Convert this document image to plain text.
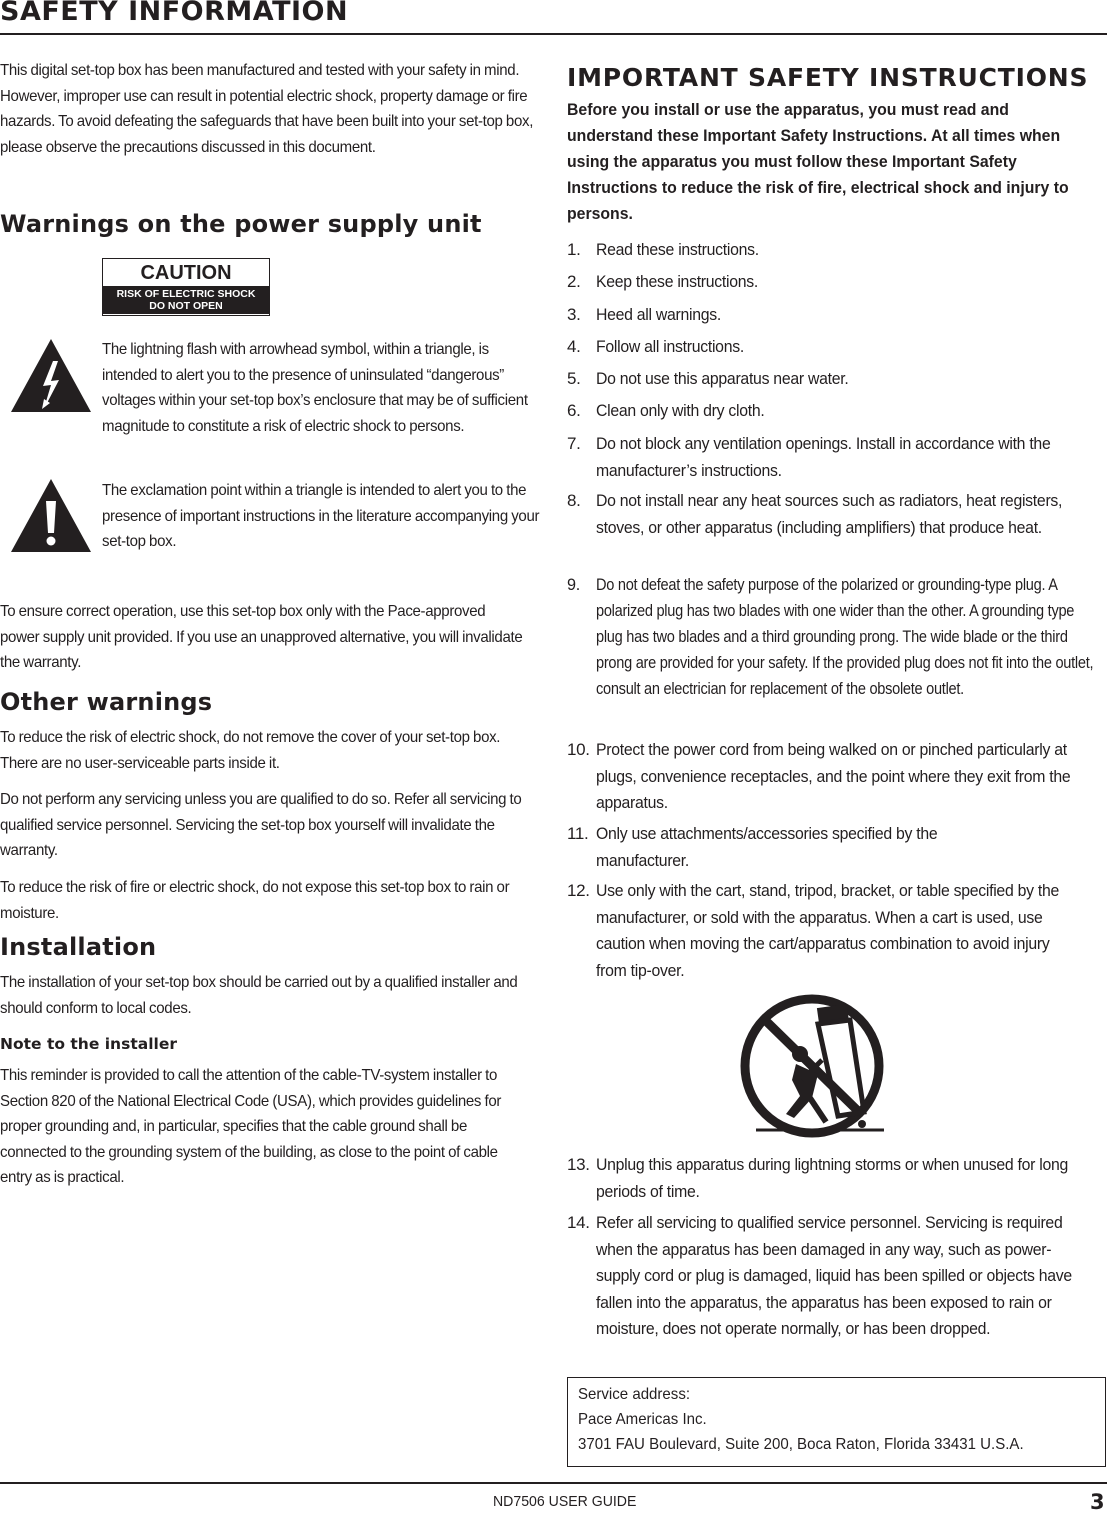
SAFETY INFORMATION

This digital set-top box has been manufactured and tested with your safety in mind. However, improper use can result in potential electric shock, property damage or fire hazards. To avoid defeating the safeguards that have been built into your set-top box, please observe the precautions discussed in this document.

Warnings on the power supply unit
CAUTION
RISK OF ELECTRIC SHOCK
DO NOT OPEN

The lightning flash with arrowhead symbol, within a triangle, is intended to alert you to the presence of uninsulated “dangerous” voltages within your set-top box’s enclosure that may be of sufficient magnitude to constitute a risk of electric shock to persons.

The exclamation point within a triangle is intended to alert you to the presence of important instructions in the literature accompanying your set-top box.

To ensure correct operation, use this set-top box only with the Pace-approved power supply unit provided. If you use an unapproved alternative, you will invalidate the warranty.

Other warnings

To reduce the risk of electric shock, do not remove the cover of your set-top box. There are no user-serviceable parts inside it.

Do not perform any servicing unless you are qualified to do so. Refer all servicing to qualified service personnel. Servicing the set-top box yourself will invalidate the warranty.

To reduce the risk of fire or electric shock, do not expose this set-top box to rain or moisture.

Installation

The installation of your set-top box should be carried out by a qualified installer and should conform to local codes.

Note to the installer

This reminder is provided to call the attention of the cable-TV-system installer to Section 820 of the National Electrical Code (USA), which provides guidelines for proper grounding and, in particular, specifies that the cable ground shall be connected to the grounding system of the building, as close to the point of cable entry as is practical.

IMPORTANT SAFETY INSTRUCTIONS

Before you install or use the apparatus, you must read and understand these Important Safety Instructions. At all times when using the apparatus you must follow these Important Safety Instructions to reduce the risk of fire, electrical shock and injury to persons.

1. Read these instructions.
2. Keep these instructions.
3. Heed all warnings.
4. Follow all instructions.
5. Do not use this apparatus near water.
6. Clean only with dry cloth.
7. Do not block any ventilation openings. Install in accordance with the manufacturer’s instructions.
8. Do not install near any heat sources such as radiators, heat registers, stoves, or other apparatus (including amplifiers) that produce heat.
9. Do not defeat the safety purpose of the polarized or grounding-type plug. A polarized plug has two blades with one wider than the other. A grounding type plug has two blades and a third grounding prong. The wide blade or the third prong are provided for your safety. If the provided plug does not fit into the outlet, consult an electrician for replacement of the obsolete outlet.
10. Protect the power cord from being walked on or pinched particularly at plugs, convenience receptacles, and the point where they exit from the apparatus.
11. Only use attachments/accessories specified by the manufacturer.
12. Use only with the cart, stand, tripod, bracket, or table specified by the manufacturer, or sold with the apparatus. When a cart is used, use caution when moving the cart/apparatus combination to avoid injury from tip-over.
13. Unplug this apparatus during lightning storms or when unused for long periods of time.
14. Refer all servicing to qualified service personnel. Servicing is required when the apparatus has been damaged in any way, such as power-supply cord or plug is damaged, liquid has been spilled or objects have fallen into the apparatus, the apparatus has been exposed to rain or moisture, does not operate normally, or has been dropped.
Service address:
Pace Americas Inc.
3701 FAU Boulevard, Suite 200, Boca Raton, Florida 33431 U.S.A.
ND7506 USER GUIDE	3
